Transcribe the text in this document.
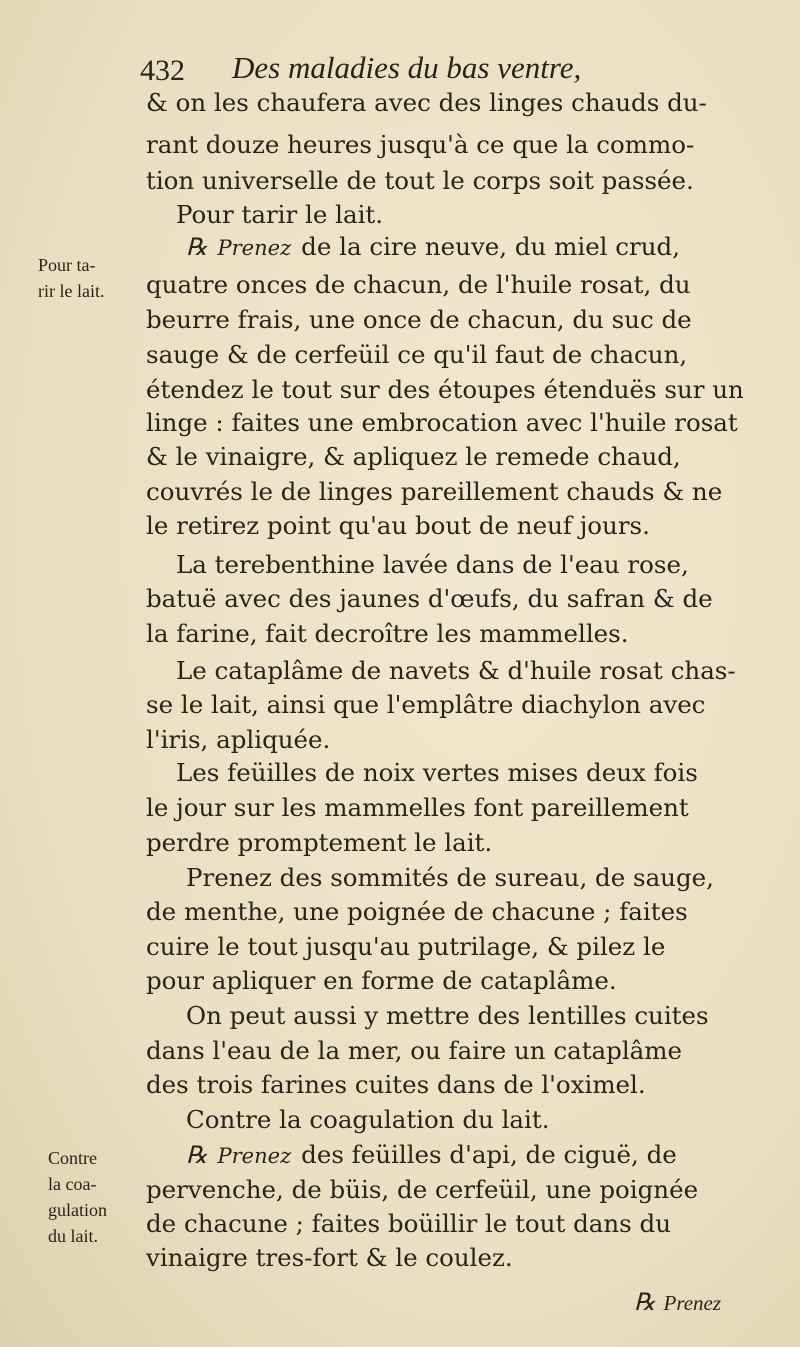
432 Des maladies du bas ventre,
Pour ta-
rir le lait.
Contre
la coa-
gulation
du lait.
& on les chaufera avec des linges chauds du-
rant douze heures jusqu'à ce que la commo-
tion universelle de tout le corps soit passée.
Pour tarir le lait.
℞ Prenez de la cire neuve, du miel crud,
quatre onces de chacun, de l'huile rosat, du
beurre frais, une once de chacun, du suc de
sauge & de cerfeüil ce qu'il faut de chacun,
étendez le tout sur des étoupes étenduës sur un
linge : faites une embrocation avec l'huile rosat
& le vinaigre, & apliquez le remede chaud,
couvrés le de linges pareillement chauds & ne
le retirez point qu'au bout de neuf jours.
La terebenthine lavée dans de l'eau rose,
batuë avec des jaunes d'œufs, du safran & de
la farine, fait decroître les mammelles.
Le cataplâme de navets & d'huile rosat chas-
se le lait, ainsi que l'emplâtre diachylon avec
l'iris, apliquée.
Les feüilles de noix vertes mises deux fois
le jour sur les mammelles font pareillement
perdre promptement le lait.
Prenez des sommités de sureau, de sauge,
de menthe, une poignée de chacune ; faites
cuire le tout jusqu'au putrilage, & pilez le
pour apliquer en forme de cataplâme.
On peut aussi y mettre des lentilles cuites
dans l'eau de la mer, ou faire un cataplâme
des trois farines cuites dans de l'oximel.
Contre la coagulation du lait.
℞ Prenez des feüilles d'api, de ciguë, de
pervenche, de büis, de cerfeüil, une poignée
de chacune ; faites boüillir le tout dans du
vinaigre tres-fort & le coulez.
℞ Prenez
